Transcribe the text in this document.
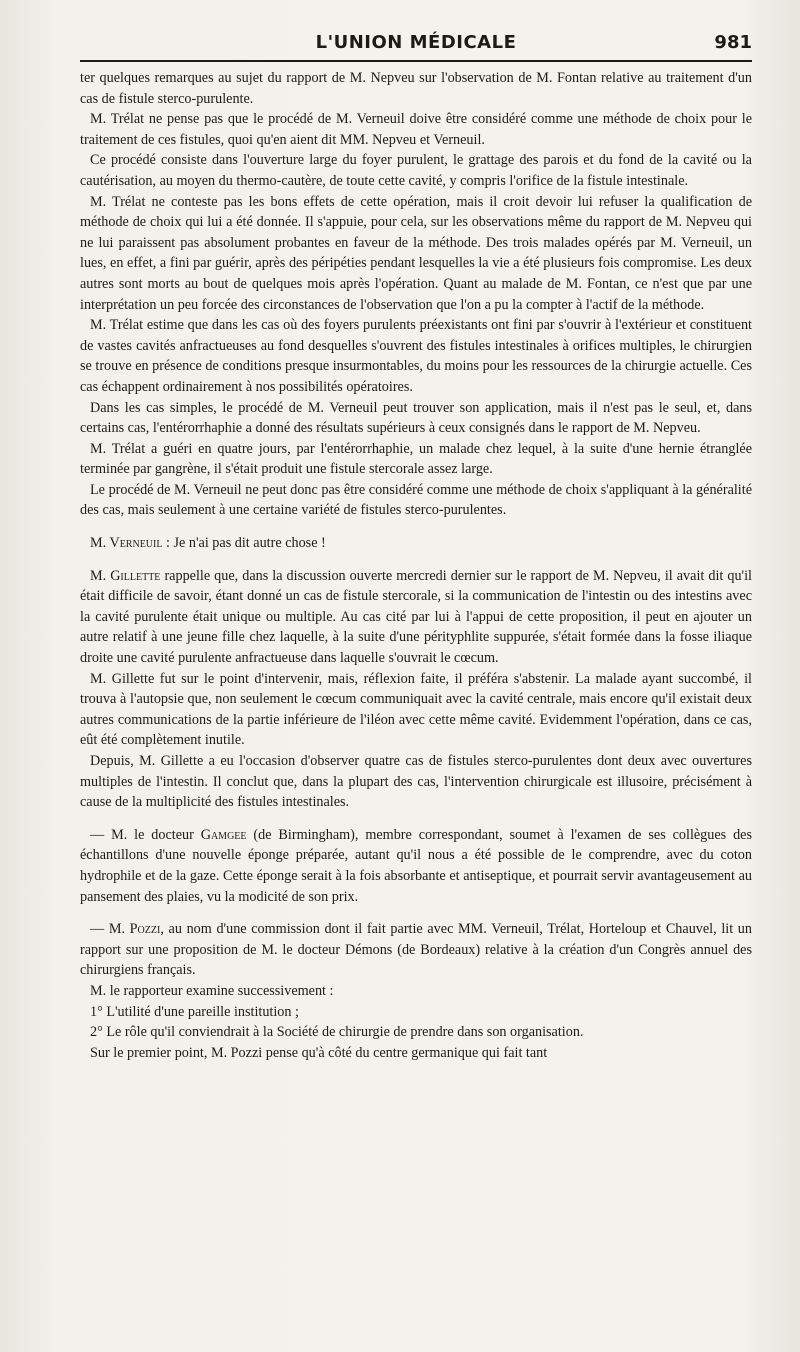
L'UNION MÉDICALE	981

ter quelques remarques au sujet du rapport de M. Nepveu sur l'observation de M. Fontan relative au traitement d'un cas de fistule sterco-purulente.

M. Trélat ne pense pas que le procédé de M. Verneuil doive être considéré comme une méthode de choix pour le traitement de ces fistules, quoi qu'en aient dit MM. Nepveu et Verneuil.

Ce procédé consiste dans l'ouverture large du foyer purulent, le grattage des parois et du fond de la cavité ou la cautérisation, au moyen du thermo-cautère, de toute cette cavité, y compris l'orifice de la fistule intestinale.

M. Trélat ne conteste pas les bons effets de cette opération, mais il croit devoir lui refuser la qualification de méthode de choix qui lui a été donnée. Il s'appuie, pour cela, sur les observations même du rapport de M. Nepveu qui ne lui paraissent pas absolument probantes en faveur de la méthode. Des trois malades opérés par M. Verneuil, un lues, en effet, a fini par guérir, après des péripéties pendant lesquelles la vie a été plusieurs fois compromise. Les deux autres sont morts au bout de quelques mois après l'opération. Quant au malade de M. Fontan, ce n'est que par une interprétation un peu forcée des circonstances de l'observation que l'on a pu la compter à l'actif de la méthode.

M. Trélat estime que dans les cas où des foyers purulents préexistants ont fini par s'ouvrir à l'extérieur et constituent de vastes cavités anfractueuses au fond desquelles s'ouvrent des fistules intestinales à orifices multiples, le chirurgien se trouve en présence de conditions presque insurmontables, du moins pour les ressources de la chirurgie actuelle. Ces cas échappent ordinairement à nos possibilités opératoires.

Dans les cas simples, le procédé de M. Verneuil peut trouver son application, mais il n'est pas le seul, et, dans certains cas, l'entérorrhaphie a donné des résultats supérieurs à ceux consignés dans le rapport de M. Nepveu.

M. Trélat a guéri en quatre jours, par l'entérorrhaphie, un malade chez lequel, à la suite d'une hernie étranglée terminée par gangrène, il s'était produit une fistule stercorale assez large.

Le procédé de M. Verneuil ne peut donc pas être considéré comme une méthode de choix s'appliquant à la généralité des cas, mais seulement à une certaine variété de fistules sterco-purulentes.

M. Verneuil : Je n'ai pas dit autre chose !

M. Gillette rappelle que, dans la discussion ouverte mercredi dernier sur le rapport de M. Nepveu, il avait dit qu'il était difficile de savoir, étant donné un cas de fistule stercorale, si la communication de l'intestin ou des intestins avec la cavité purulente était unique ou multiple. Au cas cité par lui à l'appui de cette proposition, il peut en ajouter un autre relatif à une jeune fille chez laquelle, à la suite d'une pérityphlite suppurée, s'était formée dans la fosse iliaque droite une cavité purulente anfractueuse dans laquelle s'ouvrait le cœcum.

M. Gillette fut sur le point d'intervenir, mais, réflexion faite, il préféra s'abstenir. La malade ayant succombé, il trouva à l'autopsie que, non seulement le cœcum communiquait avec la cavité centrale, mais encore qu'il existait deux autres communications de la partie inférieure de l'iléon avec cette même cavité. Evidemment l'opération, dans ce cas, eût été complètement inutile.

Depuis, M. Gillette a eu l'occasion d'observer quatre cas de fistules sterco-purulentes dont deux avec ouvertures multiples de l'intestin. Il conclut que, dans la plupart des cas, l'intervention chirurgicale est illusoire, précisément à cause de la multiplicité des fistules intestinales.

— M. le docteur Gamgee (de Birmingham), membre correspondant, soumet à l'examen de ses collègues des échantillons d'une nouvelle éponge préparée, autant qu'il nous a été possible de le comprendre, avec du coton hydrophile et de la gaze. Cette éponge serait à la fois absorbante et antiseptique, et pourrait servir avantageusement au pansement des plaies, vu la modicité de son prix.

— M. Pozzi, au nom d'une commission dont il fait partie avec MM. Verneuil, Trélat, Horteloup et Chauvel, lit un rapport sur une proposition de M. le docteur Démons (de Bordeaux) relative à la création d'un Congrès annuel des chirurgiens français.

M. le rapporteur examine successivement :

1° L'utilité d'une pareille institution ;

2° Le rôle qu'il conviendrait à la Société de chirurgie de prendre dans son organisation.

Sur le premier point, M. Pozzi pense qu'à côté du centre germanique qui fait tant
